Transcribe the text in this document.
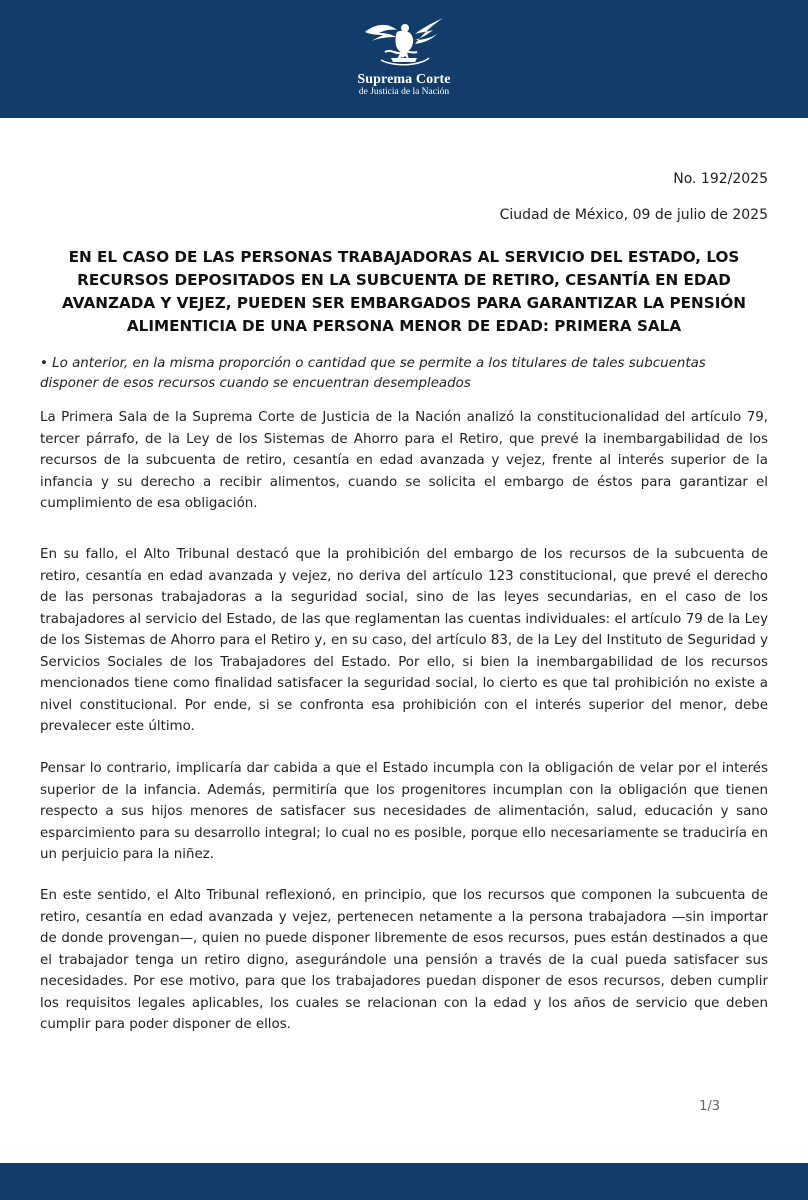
Suprema Corte
de Justicia de la Nación
No. 192/2025
Ciudad de México, 09 de julio de 2025
EN EL CASO DE LAS PERSONAS TRABAJADORAS AL SERVICIO DEL ESTADO, LOS RECURSOS DEPOSITADOS EN LA SUBCUENTA DE RETIRO, CESANTÍA EN EDAD AVANZADA Y VEJEZ, PUEDEN SER EMBARGADOS PARA GARANTIZAR LA PENSIÓN ALIMENTICIA DE UNA PERSONA MENOR DE EDAD: PRIMERA SALA

• Lo anterior, en la misma proporción o cantidad que se permite a los titulares de tales subcuentas disponer de esos recursos cuando se encuentran desempleados

La Primera Sala de la Suprema Corte de Justicia de la Nación analizó la constitucionalidad del artículo 79, tercer párrafo, de la Ley de los Sistemas de Ahorro para el Retiro, que prevé la inembargabilidad de los recursos de la subcuenta de retiro, cesantía en edad avanzada y vejez, frente al interés superior de la infancia y su derecho a recibir alimentos, cuando se solicita el embargo de éstos para garantizar el cumplimiento de esa obligación.

En su fallo, el Alto Tribunal destacó que la prohibición del embargo de los recursos de la subcuenta de retiro, cesantía en edad avanzada y vejez, no deriva del artículo 123 constitucional, que prevé el derecho de las personas trabajadoras a la seguridad social, sino de las leyes secundarias, en el caso de los trabajadores al servicio del Estado, de las que reglamentan las cuentas individuales: el artículo 79 de la Ley de los Sistemas de Ahorro para el Retiro y, en su caso, del artículo 83, de la Ley del Instituto de Seguridad y Servicios Sociales de los Trabajadores del Estado. Por ello, si bien la inembargabilidad de los recursos mencionados tiene como finalidad satisfacer la seguridad social, lo cierto es que tal prohibición no existe a nivel constitucional. Por ende, si se confronta esa prohibición con el interés superior del menor, debe prevalecer este último.

Pensar lo contrario, implicaría dar cabida a que el Estado incumpla con la obligación de velar por el interés superior de la infancia. Además, permitiría que los progenitores incumplan con la obligación que tienen respecto a sus hijos menores de satisfacer sus necesidades de alimentación, salud, educación y sano esparcimiento para su desarrollo integral; lo cual no es posible, porque ello necesariamente se traduciría en un perjuicio para la niñez.

En este sentido, el Alto Tribunal reflexionó, en principio, que los recursos que componen la subcuenta de retiro, cesantía en edad avanzada y vejez, pertenecen netamente a la persona trabajadora —sin importar de donde provengan—, quien no puede disponer libremente de esos recursos, pues están destinados a que el trabajador tenga un retiro digno, asegurándole una pensión a través de la cual pueda satisfacer sus necesidades. Por ese motivo, para que los trabajadores puedan disponer de esos recursos, deben cumplir los requisitos legales aplicables, los cuales se relacionan con la edad y los años de servicio que deben cumplir para poder disponer de ellos.

1/3
